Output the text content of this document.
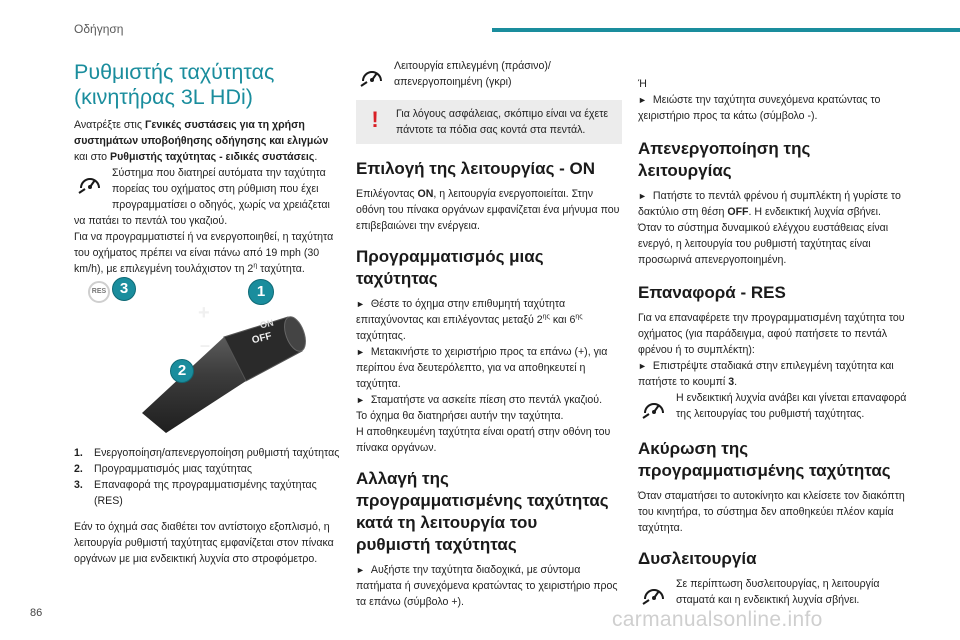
Οδήγηση
Ρυθμιστής ταχύτητας
(κινητήρας 3L HDi)

Ανατρέξτε στις Γενικές συστάσεις για τη χρήση συστημάτων υποβοήθησης οδήγησης και ελιγμών και στο Ρυθμιστής ταχύτητας - ειδικές συστάσεις.

Σύστημα που διατηρεί αυτόματα την ταχύτητα πορείας του οχήματος στη ρύθμιση που έχει προγραμματίσει ο οδηγός, χωρίς να χρειάζεται να πατάει το πεντάλ του γκαζιού.

Για να προγραμματιστεί ή να ενεργοποιηθεί, η ταχύτητα του οχήματος πρέπει να είναι πάνω από 19 mph (30 km/h), με επιλεγμένη τουλάχιστον τη $2^\eta$ ταχύτητα.

ON
OFF
+
–
RES 3	1
2
1.	Ενεργοποίηση/απενεργοποίηση ρυθμιστή ταχύτητας
2.	Προγραμματισμός μιας ταχύτητας
3.	Επαναφορά της προγραμματισμένης ταχύτητας (RES)

Εάν το όχημά σας διαθέτει τον αντίστοιχο εξοπλισμό, η λειτουργία ρυθμιστή ταχύτητας εμφανίζεται στον πίνακα οργάνων με μια ενδεικτική λυχνία στο στροφόμετρο.

Λειτουργία επιλεγμένη (πράσινο)/ απενεργοποιημένη (γκρι)

!	Για λόγους ασφάλειας, σκόπιμο είναι να έχετε πάντοτε τα πόδια σας κοντά στα πεντάλ.
Επιλογή της λειτουργίας - ON

Επιλέγοντας ON, η λειτουργία ενεργοποιείται. Στην οθόνη του πίνακα οργάνων εμφανίζεται ένα μήνυμα που επιβεβαιώνει την ενέργεια.

Προγραμματισμός μιας
ταχύτητας

► Θέστε το όχημα στην επιθυμητή ταχύτητα επιταχύνοντας και επιλέγοντας μεταξύ $2^{\eta\varsigma}$ και $6^{\eta\varsigma}$ ταχύτητας.

► Μετακινήστε το χειριστήριο προς τα επάνω (+), για περίπου ένα δευτερόλεπτο, για να αποθηκευτεί η ταχύτητα.

► Σταματήστε να ασκείτε πίεση στο πεντάλ γκαζιού.

Το όχημα θα διατηρήσει αυτήν την ταχύτητα.

Η αποθηκευμένη ταχύτητα είναι ορατή στην οθόνη του πίνακα οργάνων.

Αλλαγή της
προγραμματισμένης ταχύτητας
κατά τη λειτουργία του
ρυθμιστή ταχύτητας

► Αυξήστε την ταχύτητα διαδοχικά, με σύντομα πατήματα ή συνεχόμενα κρατώντας το χειριστήριο προς τα επάνω (σύμβολο +).

Ή

► Μειώστε την ταχύτητα συνεχόμενα κρατώντας το χειριστήριο προς τα κάτω (σύμβολο -).

Απενεργοποίηση της
λειτουργίας

► Πατήστε το πεντάλ φρένου ή συμπλέκτη ή γυρίστε το δακτύλιο στη θέση OFF. Η ενδεικτική λυχνία σβήνει.

Όταν το σύστημα δυναμικού ελέγχου ευστάθειας είναι ενεργό, η λειτουργία του ρυθμιστή ταχύτητας είναι προσωρινά απενεργοποιημένη.

Επαναφορά - RES

Για να επαναφέρετε την προγραμματισμένη ταχύτητα του οχήματος (για παράδειγμα, αφού πατήσετε το πεντάλ φρένου ή το συμπλέκτη):

► Επιστρέψτε σταδιακά στην επιλεγμένη ταχύτητα και πατήστε το κουμπί 3.

Η ενδεικτική λυχνία ανάβει και γίνεται επαναφορά της λειτουργίας του ρυθμιστή ταχύτητας.

Ακύρωση της
προγραμματισμένης ταχύτητας

Όταν σταματήσει το αυτοκίνητο και κλείσετε τον διακόπτη του κινητήρα, το σύστημα δεν αποθηκεύει πλέον καμία ταχύτητα.

Δυσλειτουργία

Σε περίπτωση δυσλειτουργίας, η λειτουργία σταματά και η ενδεικτική λυχνία σβήνει.

86	carmanualsonline.info
